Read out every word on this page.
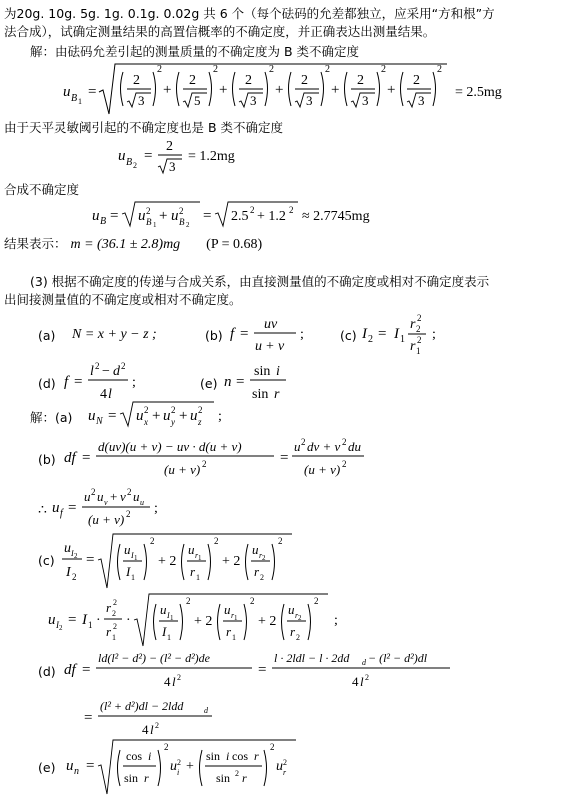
为20g. 10g. 5g. 1g. 0.1g. 0.02g 共 6 个（每个砝码的允差都独立，应采用“方和根”方
法合成），试确定测量结果的高置信概率的不确定度，并正确表达出测量结果。
解：由砝码允差引起的测量质量的不确定度为 B 类不确定度
u B 1
=
2
3
2
+
2
5
2
+
2
3
2
+
2
3
2
+
2
3
2
+
2
3
2
= 2.5mg
由于天平灵敏阈引起的不确定度也是 B 类不确定度
u B 2
=
2
3
= 1.2mg
合成不确定度
u B = u 2
B 1
+ u 2
B 2
= 2.5 2 + 1.2 2 ≈ 2.7745mg
结果表示： m = (36.1 ± 2.8)mg (P = 0.68)
(3) 根据不确定度的传递与合成关系，由直接测量值的不确定度或相对不确定度表示
出间接测量值的不确定度或相对不确定度。
(a) N = x + y − z ;	(b) f =
uv
u + v
;	(c) I 2 = I 1
r 2
2
r 1
2 ;
(d) f =
l 2 − d 2
4 l
;	(e) n =
sin i
sin r
解：(a) u N = u 2
x + u 2
y + u 2
z ;
(b) df =
d(uv)(u + v) − uv · d(u + v)
(u + v) 2	=
u 2 dv + v 2 du
(u + v) 2
∴ u f =
u 2 u v + v 2 u u
(u + v) 2 ;
(c)
u I 2
I 2
=
u I 1
I 1
2
+ 2
u r 1
r 1
2
+ 2
u r 2
r 2
2
u I 2 = I 1 ·
r 2
2
r 1
2 ·
u I 1
I 1
2
+ 2
u r 1
r 1
2
+ 2
u r 2
r 2
2
;
(d) df =
ld(l² − d²) − (l² − d²)de
4 l 2	=
l · 2ldl − l · 2dd d − (l² − d²)dl
4 l 2
=
(l² + d²)dl − 2ldd	d
4 l 2
(e) u n =
cos i
sin r
2
u 2
i +
sin i cos r
sin 2 r
2
u 2
r
